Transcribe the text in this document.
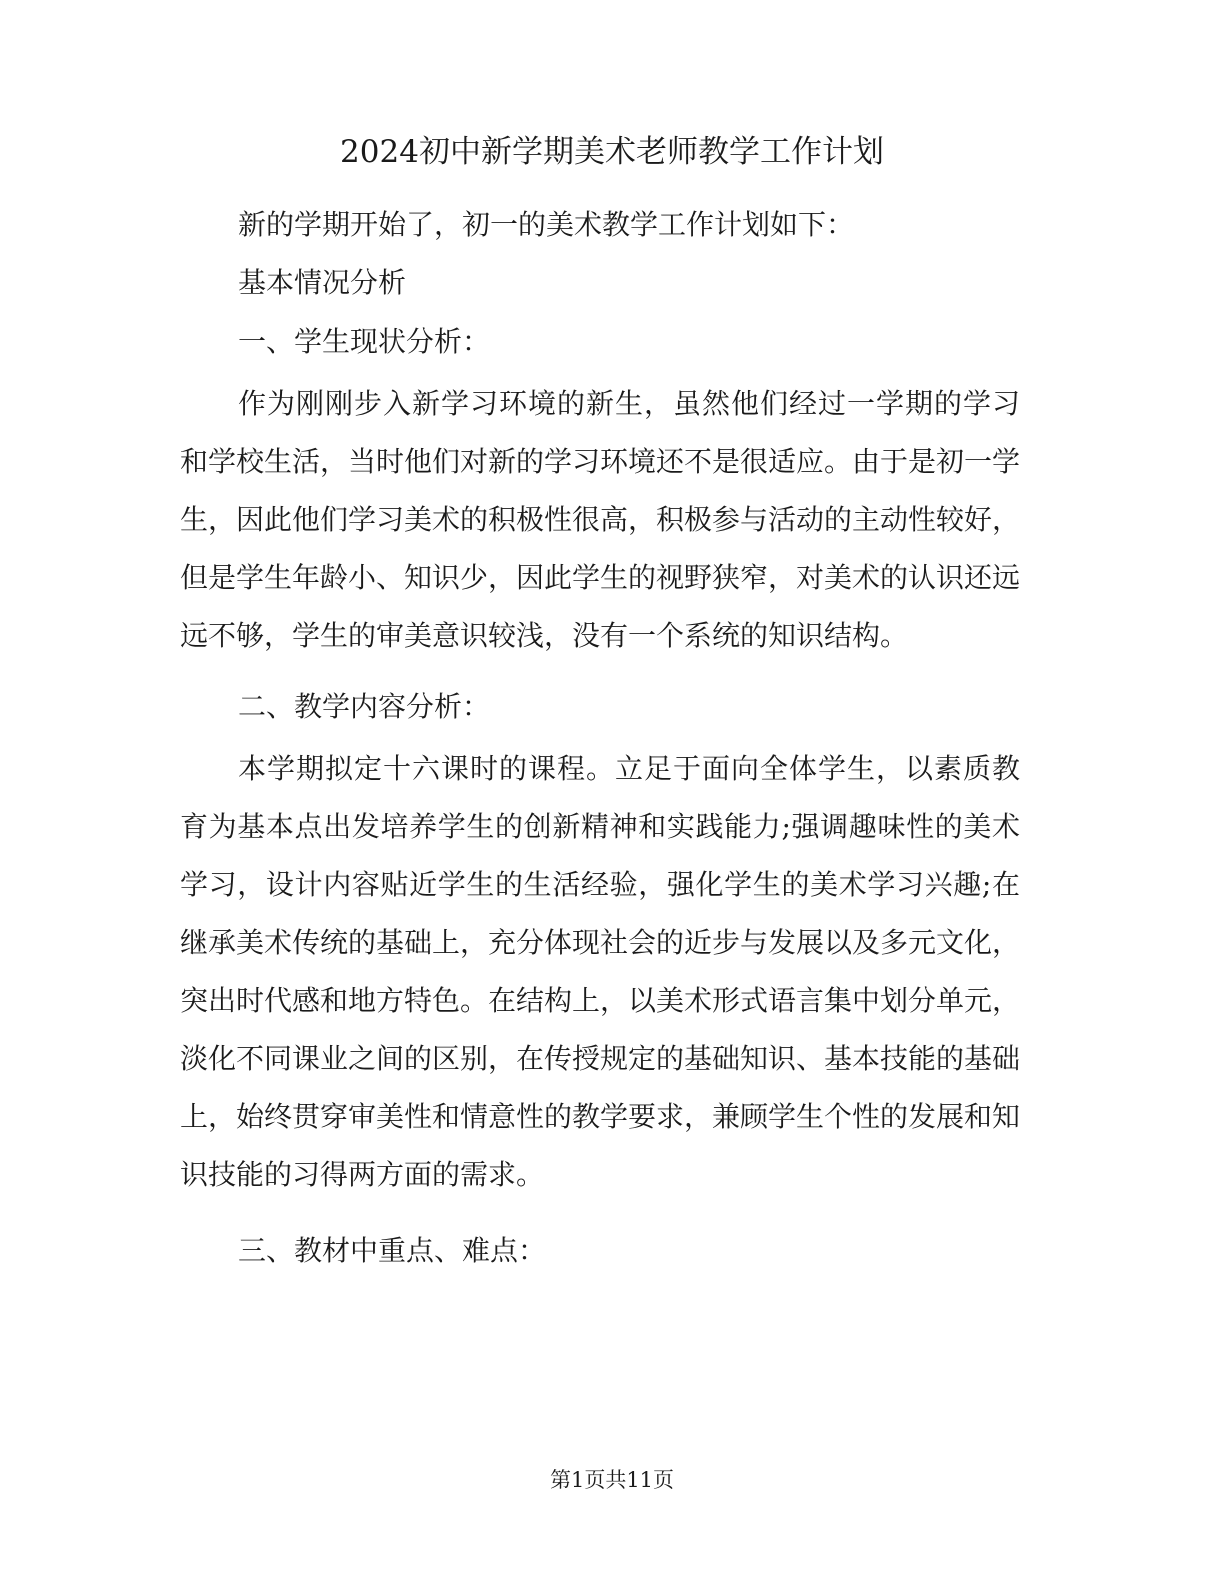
2024初中新学期美术老师教学工作计划
新的学期开始了，初一的美术教学工作计划如下：
基本情况分析
一、学生现状分析：

作为刚刚步入新学习环境的新生，虽然他们经过一学期的学习和学校生活，当时他们对新的学习环境还不是很适应。由于是初一学生，因此他们学习美术的积极性很高，积极参与活动的主动性较好，但是学生年龄小、知识少，因此学生的视野狭窄，对美术的认识还远远不够，学生的审美意识较浅，没有一个系统的知识结构。

二、教学内容分析：

本学期拟定十六课时的课程。立足于面向全体学生，以素质教育为基本点出发培养学生的创新精神和实践能力;强调趣味性的美术学习，设计内容贴近学生的生活经验，强化学生的美术学习兴趣;在继承美术传统的基础上，充分体现社会的近步与发展以及多元文化，突出时代感和地方特色。在结构上，以美术形式语言集中划分单元，淡化不同课业之间的区别，在传授规定的基础知识、基本技能的基础上，始终贯穿审美性和情意性的教学要求，兼顾学生个性的发展和知识技能的习得两方面的需求。

三、教材中重点、难点：
第1页共11页
